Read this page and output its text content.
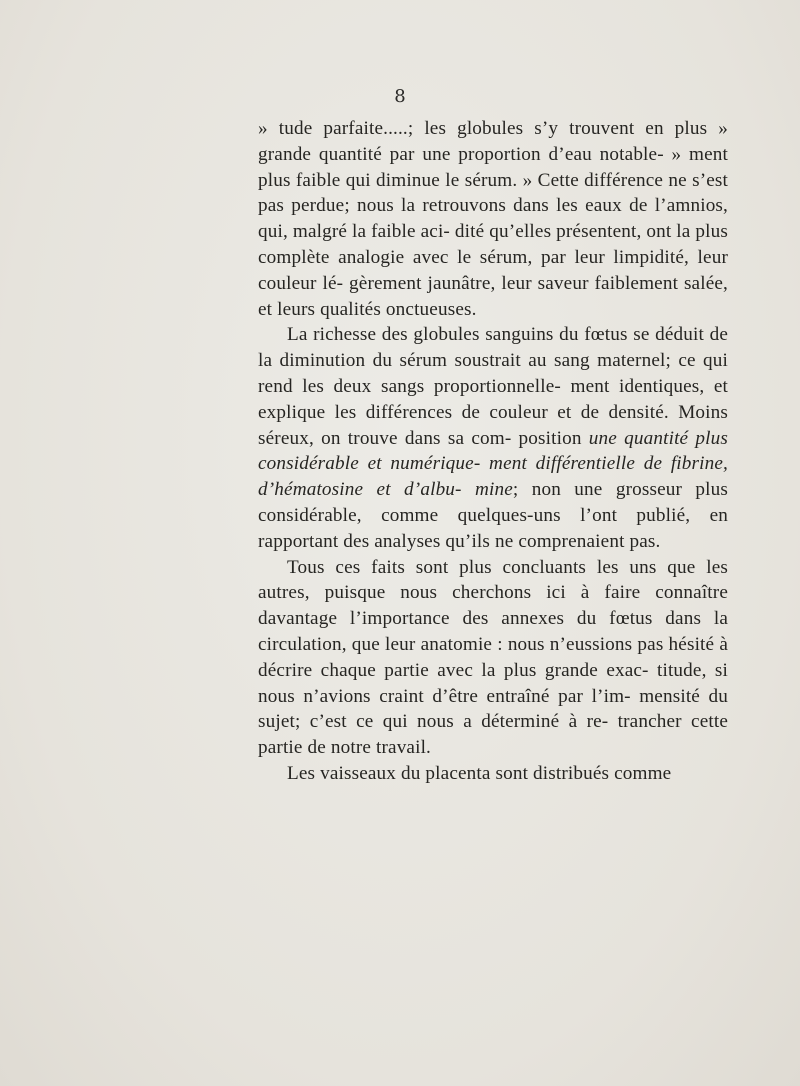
8

» tude parfaite.....; les globules s’y trouvent en plus » grande quantité par une proportion d’eau notable- » ment plus faible qui diminue le sérum. » Cette différence ne s’est pas perdue; nous la retrouvons dans les eaux de l’amnios, qui, malgré la faible aci- dité qu’elles présentent, ont la plus complète analogie avec le sérum, par leur limpidité, leur couleur lé- gèrement jaunâtre, leur saveur faiblement salée, et leurs qualités onctueuses.

La richesse des globules sanguins du fœtus se déduit de la diminution du sérum soustrait au sang maternel; ce qui rend les deux sangs proportionnelle- ment identiques, et explique les différences de couleur et de densité. Moins séreux, on trouve dans sa com- position une quantité plus considérable et numérique- ment différentielle de fibrine, d’hématosine et d’albu- mine; non une grosseur plus considérable, comme quelques-uns l’ont publié, en rapportant des analyses qu’ils ne comprenaient pas.

Tous ces faits sont plus concluants les uns que les autres, puisque nous cherchons ici à faire connaître davantage l’importance des annexes du fœtus dans la circulation, que leur anatomie : nous n’eussions pas hésité à décrire chaque partie avec la plus grande exac- titude, si nous n’avions craint d’être entraîné par l’im- mensité du sujet; c’est ce qui nous a déterminé à re- trancher cette partie de notre travail.

Les vaisseaux du placenta sont distribués comme
